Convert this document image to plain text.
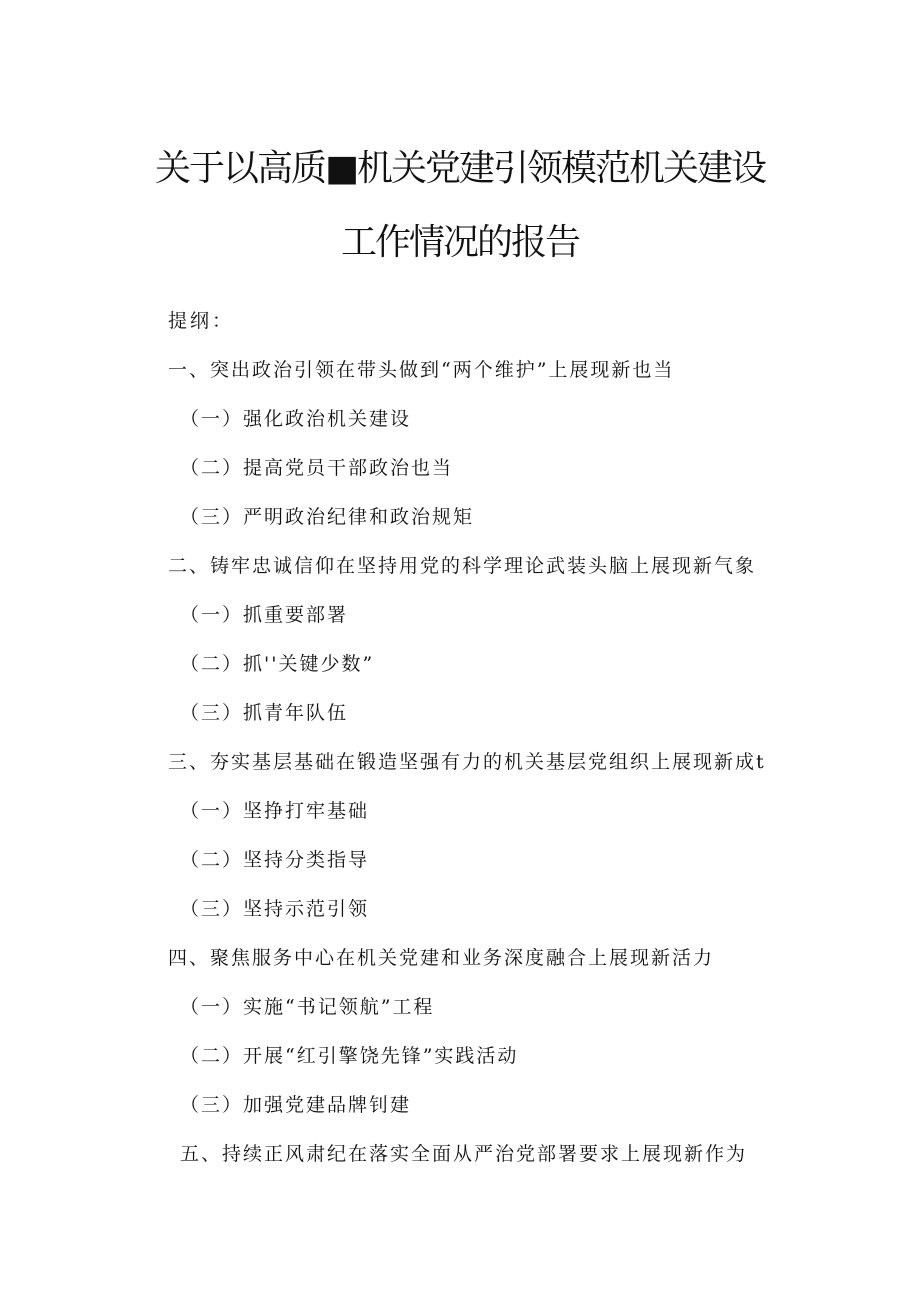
关于以高质■机关党建引领模范机关建设
工作情况的报告
提纲：
一、突出政治引领在带头做到“两个维护”上展现新也当
（一）强化政治机关建设
（二）提高党员干部政治也当
（三）严明政治纪律和政治规矩
二、铸牢忠诚信仰在坚持用党的科学理论武装头脑上展现新气象
（一）抓重要部署
（二）抓''关键少数”
（三）抓青年队伍
三、夯实基层基础在锻造坚强有力的机关基层党组织上展现新成t
（一）坚挣打牢基础
（二）坚持分类指导
（三）坚持示范引领
四、聚焦服务中心在机关党建和业务深度融合上展现新活力
（一）实施“书记领航”工程
（二）开展“红引擎饶先锋”实践活动
（三）加强党建品牌钊建
五、持续正风肃纪在落实全面从严治党部署要求上展现新作为
